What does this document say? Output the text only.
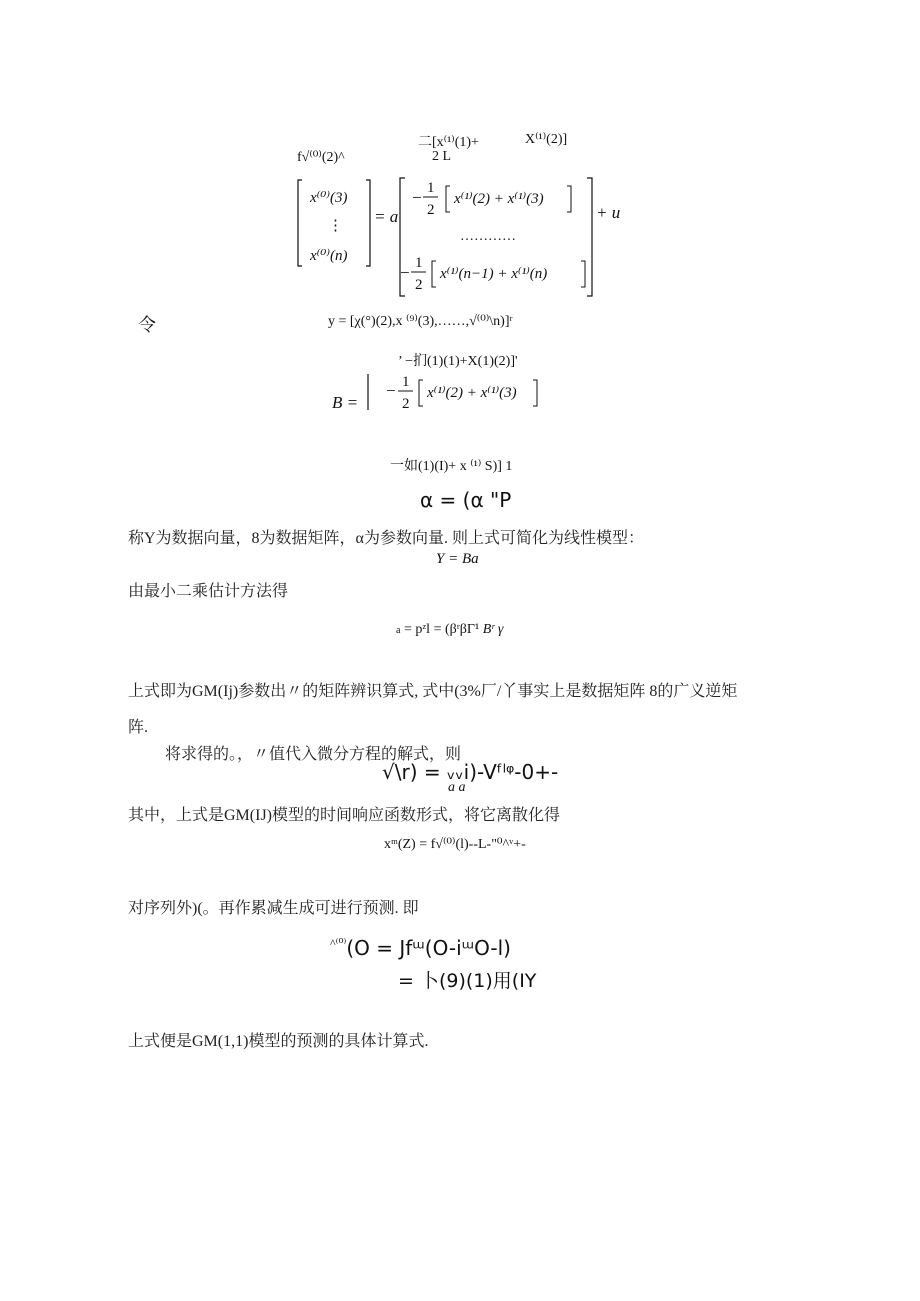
二[x⁽¹⁾(1)+	X⁽¹⁾(2)]
f√⁽⁰⁾(2)^	2 L
x⁽⁰⁾(3)
⋮
x⁽⁰⁾(n)
= a
− 1
2
x⁽¹⁾(2) + x⁽¹⁾(3)
…………
− 1
2
x⁽¹⁾(n−1) + x⁽¹⁾(n)
+ u
令	y = [χ(°)(2),x ⁽⁹⁾(3),……,√⁽⁰⁾\n)]ʳ
’ −扪(1)(1)+X(1)(2)]'
B =
− 1
2
x⁽¹⁾(2) + x⁽¹⁾(3)
一如(1)(I)+ x ⁽¹⁾ S)] 1
α = (α "P
称Y为数据向量，8为数据矩阵，α为参数向量. 则上式可简化为线性模型：
Y = Ba
由最小二乘估计方法得
a = pᶻl = (βʳβΓ¹ Bʳ γ
上式即为GM(Ij)参数出〃的矩阵辨识算式, 式中(3%厂/丫事实上是数据矩阵 8的广义逆矩
阵.
将求得的。，〃值代入微分方程的解式，则
√\r) = ᵥᵥi)-Vᶠˡᵠ-0+-
a a
其中，上式是GM(IJ)模型的时间响应函数形式，将它离散化得
xᵐ(Z) = f√⁽⁰⁾(l)--L-"⁰^ᵛ+-
对序列外)(。再作累减生成可进行预测. 即
$^{\^{}^{(0)}}$(O = Jfᵚ(O-iᵚO-l)
= 卜(9)(1)用(IY
上式便是GM(1,1)模型的预测的具体计算式.
